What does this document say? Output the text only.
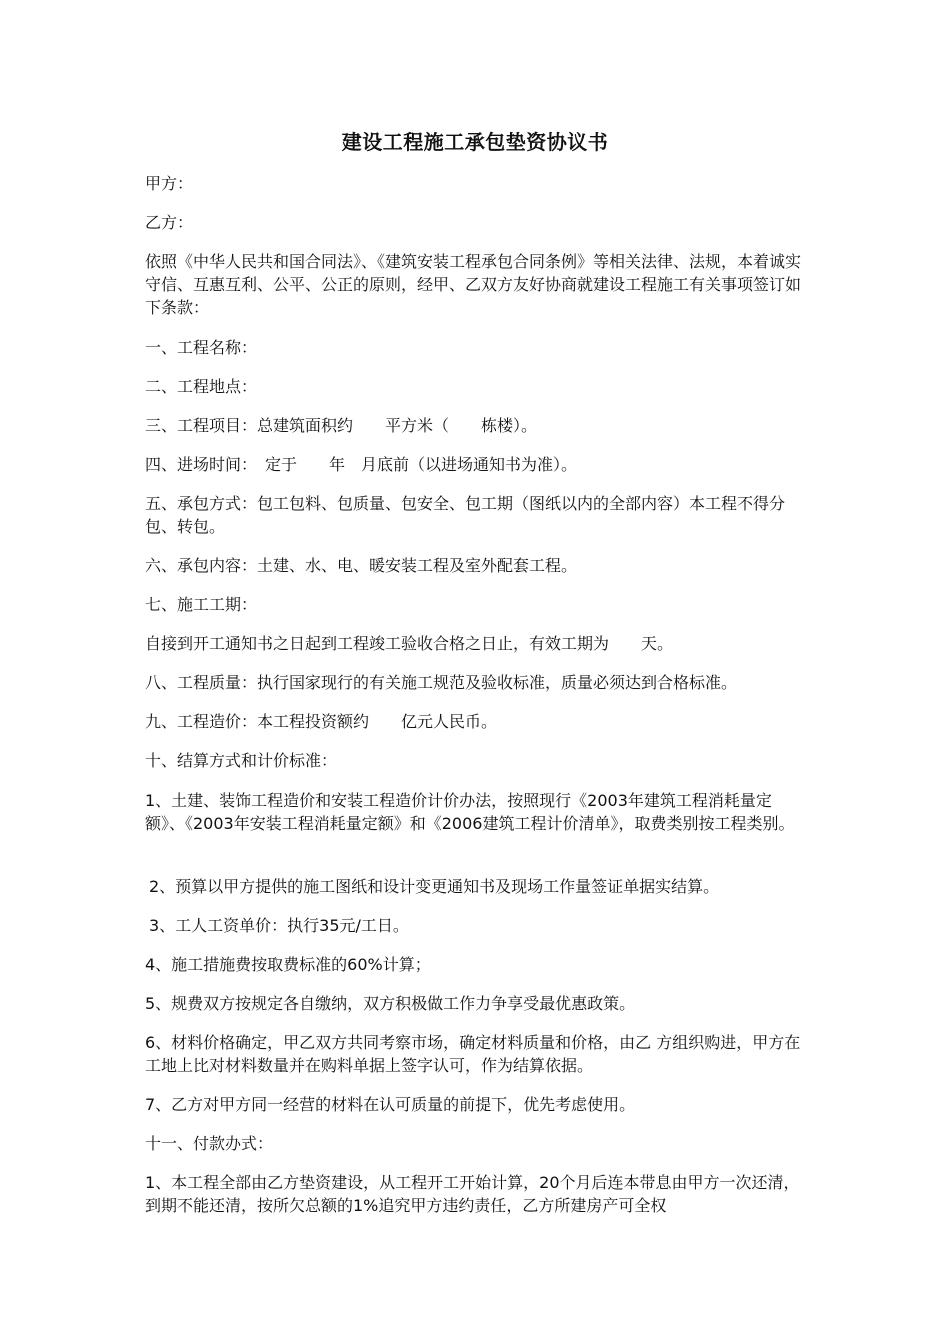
建设工程施工承包垫资协议书

甲方：

乙方：

依照《中华人民共和国合同法》、《建筑安装工程承包合同条例》等相关法律、法规，本着诚实守信、互惠互利、公平、公正的原则，经甲、乙双方友好协商就建设工程施工有关事项签订如下条款：

一、工程名称：

二、工程地点：

三、工程项目：总建筑面积约　　平方米（　　栋楼）。

四、进场时间：　定于　　年　月底前（以进场通知书为准）。

五、承包方式：包工包料、包质量、包安全、包工期（图纸以内的全部内容）本工程不得分包、转包。

六、承包内容：土建、水、电、暖安装工程及室外配套工程。

七、施工工期：

自接到开工通知书之日起到工程竣工验收合格之日止，有效工期为　　天。

八、工程质量：执行国家现行的有关施工规范及验收标准，质量必须达到合格标准。

九、工程造价：本工程投资额约　　亿元人民币。

十、结算方式和计价标准：

1、土建、装饰工程造价和安装工程造价计价办法，按照现行《2003年建筑工程消耗量定额》、《2003年安装工程消耗量定额》和《2006建筑工程计价清单》，取费类别按工程类别。

2、预算以甲方提供的施工图纸和设计变更通知书及现场工作量签证单据实结算。

3、工人工资单价：执行35元/工日。

4、施工措施费按取费标准的60%计算；

5、规费双方按规定各自缴纳，双方积极做工作力争享受最优惠政策。

6、材料价格确定，甲乙双方共同考察市场，确定材料质量和价格，由乙 方组织购进，甲方在工地上比对材料数量并在购料单据上签字认可，作为结算依据。

7、乙方对甲方同一经营的材料在认可质量的前提下，优先考虑使用。

十一、付款办式：

1、本工程全部由乙方垫资建设，从工程开工开始计算，20个月后连本带息由甲方一次还清，到期不能还清，按所欠总额的1%追究甲方违约责任，乙方所建房产可全权
